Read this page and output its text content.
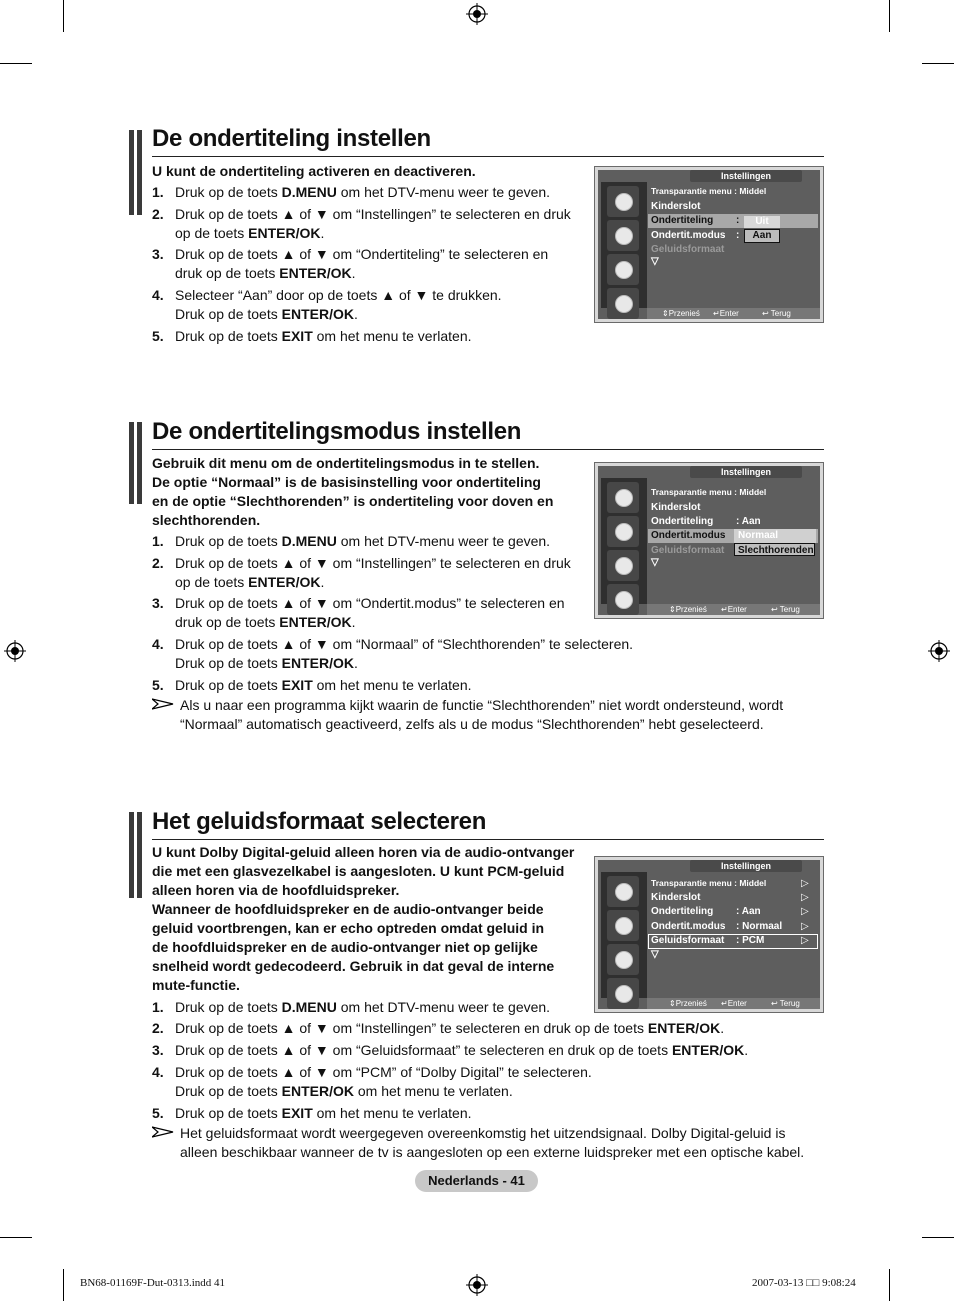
De ondertiteling instellen
U kunt de ondertiteling activeren en deactiveren.
1. Druk op de toets D.MENU om het DTV-menu weer te geven.
2. Druk op de toets ▲ of ▼ om “Instellingen” te selecteren en druk
op de toets ENTER/OK.
3. Druk op de toets ▲ of ▼ om “Ondertiteling” te selecteren en
druk op de toets ENTER/OK.
4. Selecteer “Aan” door op de toets ▲ of ▼ te drukken.
Druk op de toets ENTER/OK.
5. Druk op de toets EXIT om het menu te verlaten.
Instellingen
Transparantie menu : Middel
Kinderslot
Ondertiteling :
Ondertit.modus :
Geluidsformaat
▽
Uit
Aan
⇕Przenieś ↵Enter	↩ Terug
De ondertitelingsmodus instellen
Gebruik dit menu om de ondertitelingsmodus in te stellen.
De optie “Normaal” is de basisinstelling voor ondertiteling
en de optie “Slechthorenden” is ondertiteling voor doven en
slechthorenden.
1. Druk op de toets D.MENU om het DTV-menu weer te geven.
2. Druk op de toets ▲ of ▼ om “Instellingen” te selecteren en druk
op de toets ENTER/OK.
3. Druk op de toets ▲ of ▼ om “Ondertit.modus” te selecteren en
druk op de toets ENTER/OK.
4. Druk op de toets ▲ of ▼ om “Normaal” of “Slechthorenden” te selecteren.
Druk op de toets ENTER/OK.
5. Druk op de toets EXIT om het menu te verlaten.
Als u naar een programma kijkt waarin de functie “Slechthorenden” niet wordt ondersteund, wordt
“Normaal” automatisch geactiveerd, zelfs als u de modus “Slechthorenden” hebt geselecteerd.
Instellingen
Transparantie menu : Middel
Kinderslot
Ondertiteling : Aan
Ondertit.modus
Geluidsformaat
▽
Normaal
Slechthorenden
⇕Przenieś ↵Enter	↩ Terug
Het geluidsformaat selecteren
U kunt Dolby Digital-geluid alleen horen via de audio-ontvanger
die met een glasvezelkabel is aangesloten. U kunt PCM-geluid
alleen horen via de hoofdluidspreker.
Wanneer de hoofdluidspreker en de audio-ontvanger beide
geluid voortbrengen, kan er echo optreden omdat geluid in
de hoofdluidspreker en de audio-ontvanger niet op gelijke
snelheid wordt gedecodeerd. Gebruik in dat geval de interne
mute-functie.
1. Druk op de toets D.MENU om het DTV-menu weer te geven.
2. Druk op de toets ▲ of ▼ om “Instellingen” te selecteren en druk op de toets ENTER/OK.
3. Druk op de toets ▲ of ▼ om “Geluidsformaat” te selecteren en druk op de toets ENTER/OK.
4. Druk op de toets ▲ of ▼ om “PCM” of “Dolby Digital” te selecteren.
Druk op de toets ENTER/OK om het menu te verlaten.
5. Druk op de toets EXIT om het menu te verlaten.
Het geluidsformaat wordt weergegeven overeenkomstig het uitzendsignaal. Dolby Digital-geluid is
alleen beschikbaar wanneer de tv is aangesloten op een externe luidspreker met een optische kabel.
Instellingen
Transparantie menu : Middel	▷
Kinderslot	▷
Ondertiteling : Aan	▷
Ondertit.modus : Normaal ▷
Geluidsformaat : PCM	▷
▽
⇕Przenieś ↵Enter	↩ Terug
Nederlands - 41
BN68-01169F-Dut-0313.indd 41	2007-03-13 □□ 9:08:24
